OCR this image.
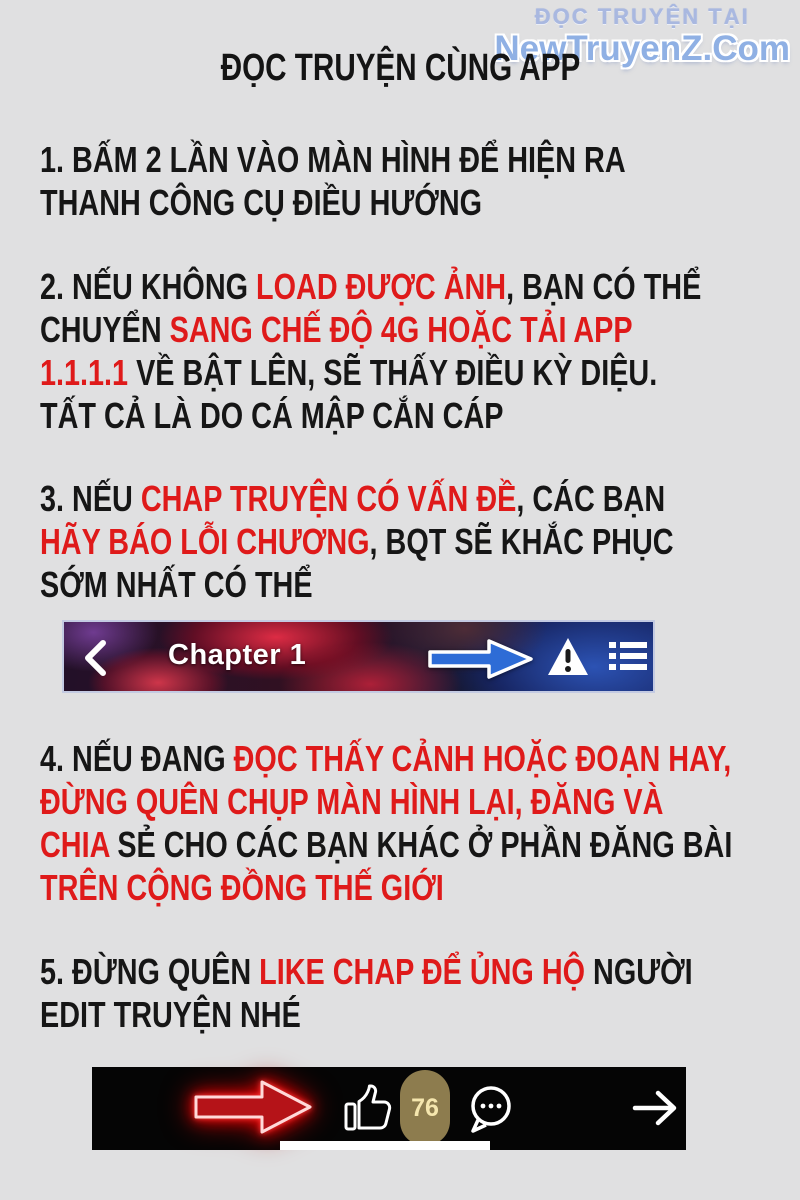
ĐỌC TRUYỆN TẠI
NewTruyenZ.Com
ĐỌC TRUYỆN CÙNG APP
1. BẤM 2 LẦN VÀO MÀN HÌNH ĐỂ HIỆN RA
THANH CÔNG CỤ ĐIỀU HƯỚNG
2. NẾU KHÔNG LOAD ĐƯỢC ẢNH, BẠN CÓ THỂ
CHUYỂN SANG CHẾ ĐỘ 4G HOẶC TẢI APP
1.1.1.1 VỀ BẬT LÊN, SẼ THẤY ĐIỀU KỲ DIỆU.
TẤT CẢ LÀ DO CÁ MẬP CẮN CÁP
3. NẾU CHAP TRUYỆN CÓ VẤN ĐỀ, CÁC BẠN
HÃY BÁO LỖI CHƯƠNG, BQT SẼ KHẮC PHỤC
SỚM NHẤT CÓ THỂ
Chapter 1
4. NẾU ĐANG ĐỌC THẤY CẢNH HOẶC ĐOẠN HAY,
ĐỪNG QUÊN CHỤP MÀN HÌNH LẠI, ĐĂNG VÀ
CHIA SẺ CHO CÁC BẠN KHÁC Ở PHẦN ĐĂNG BÀI
TRÊN CỘNG ĐỒNG THẾ GIỚI
5. ĐỪNG QUÊN LIKE CHAP ĐỂ ỦNG HỘ NGƯỜI
EDIT TRUYỆN NHÉ
76
